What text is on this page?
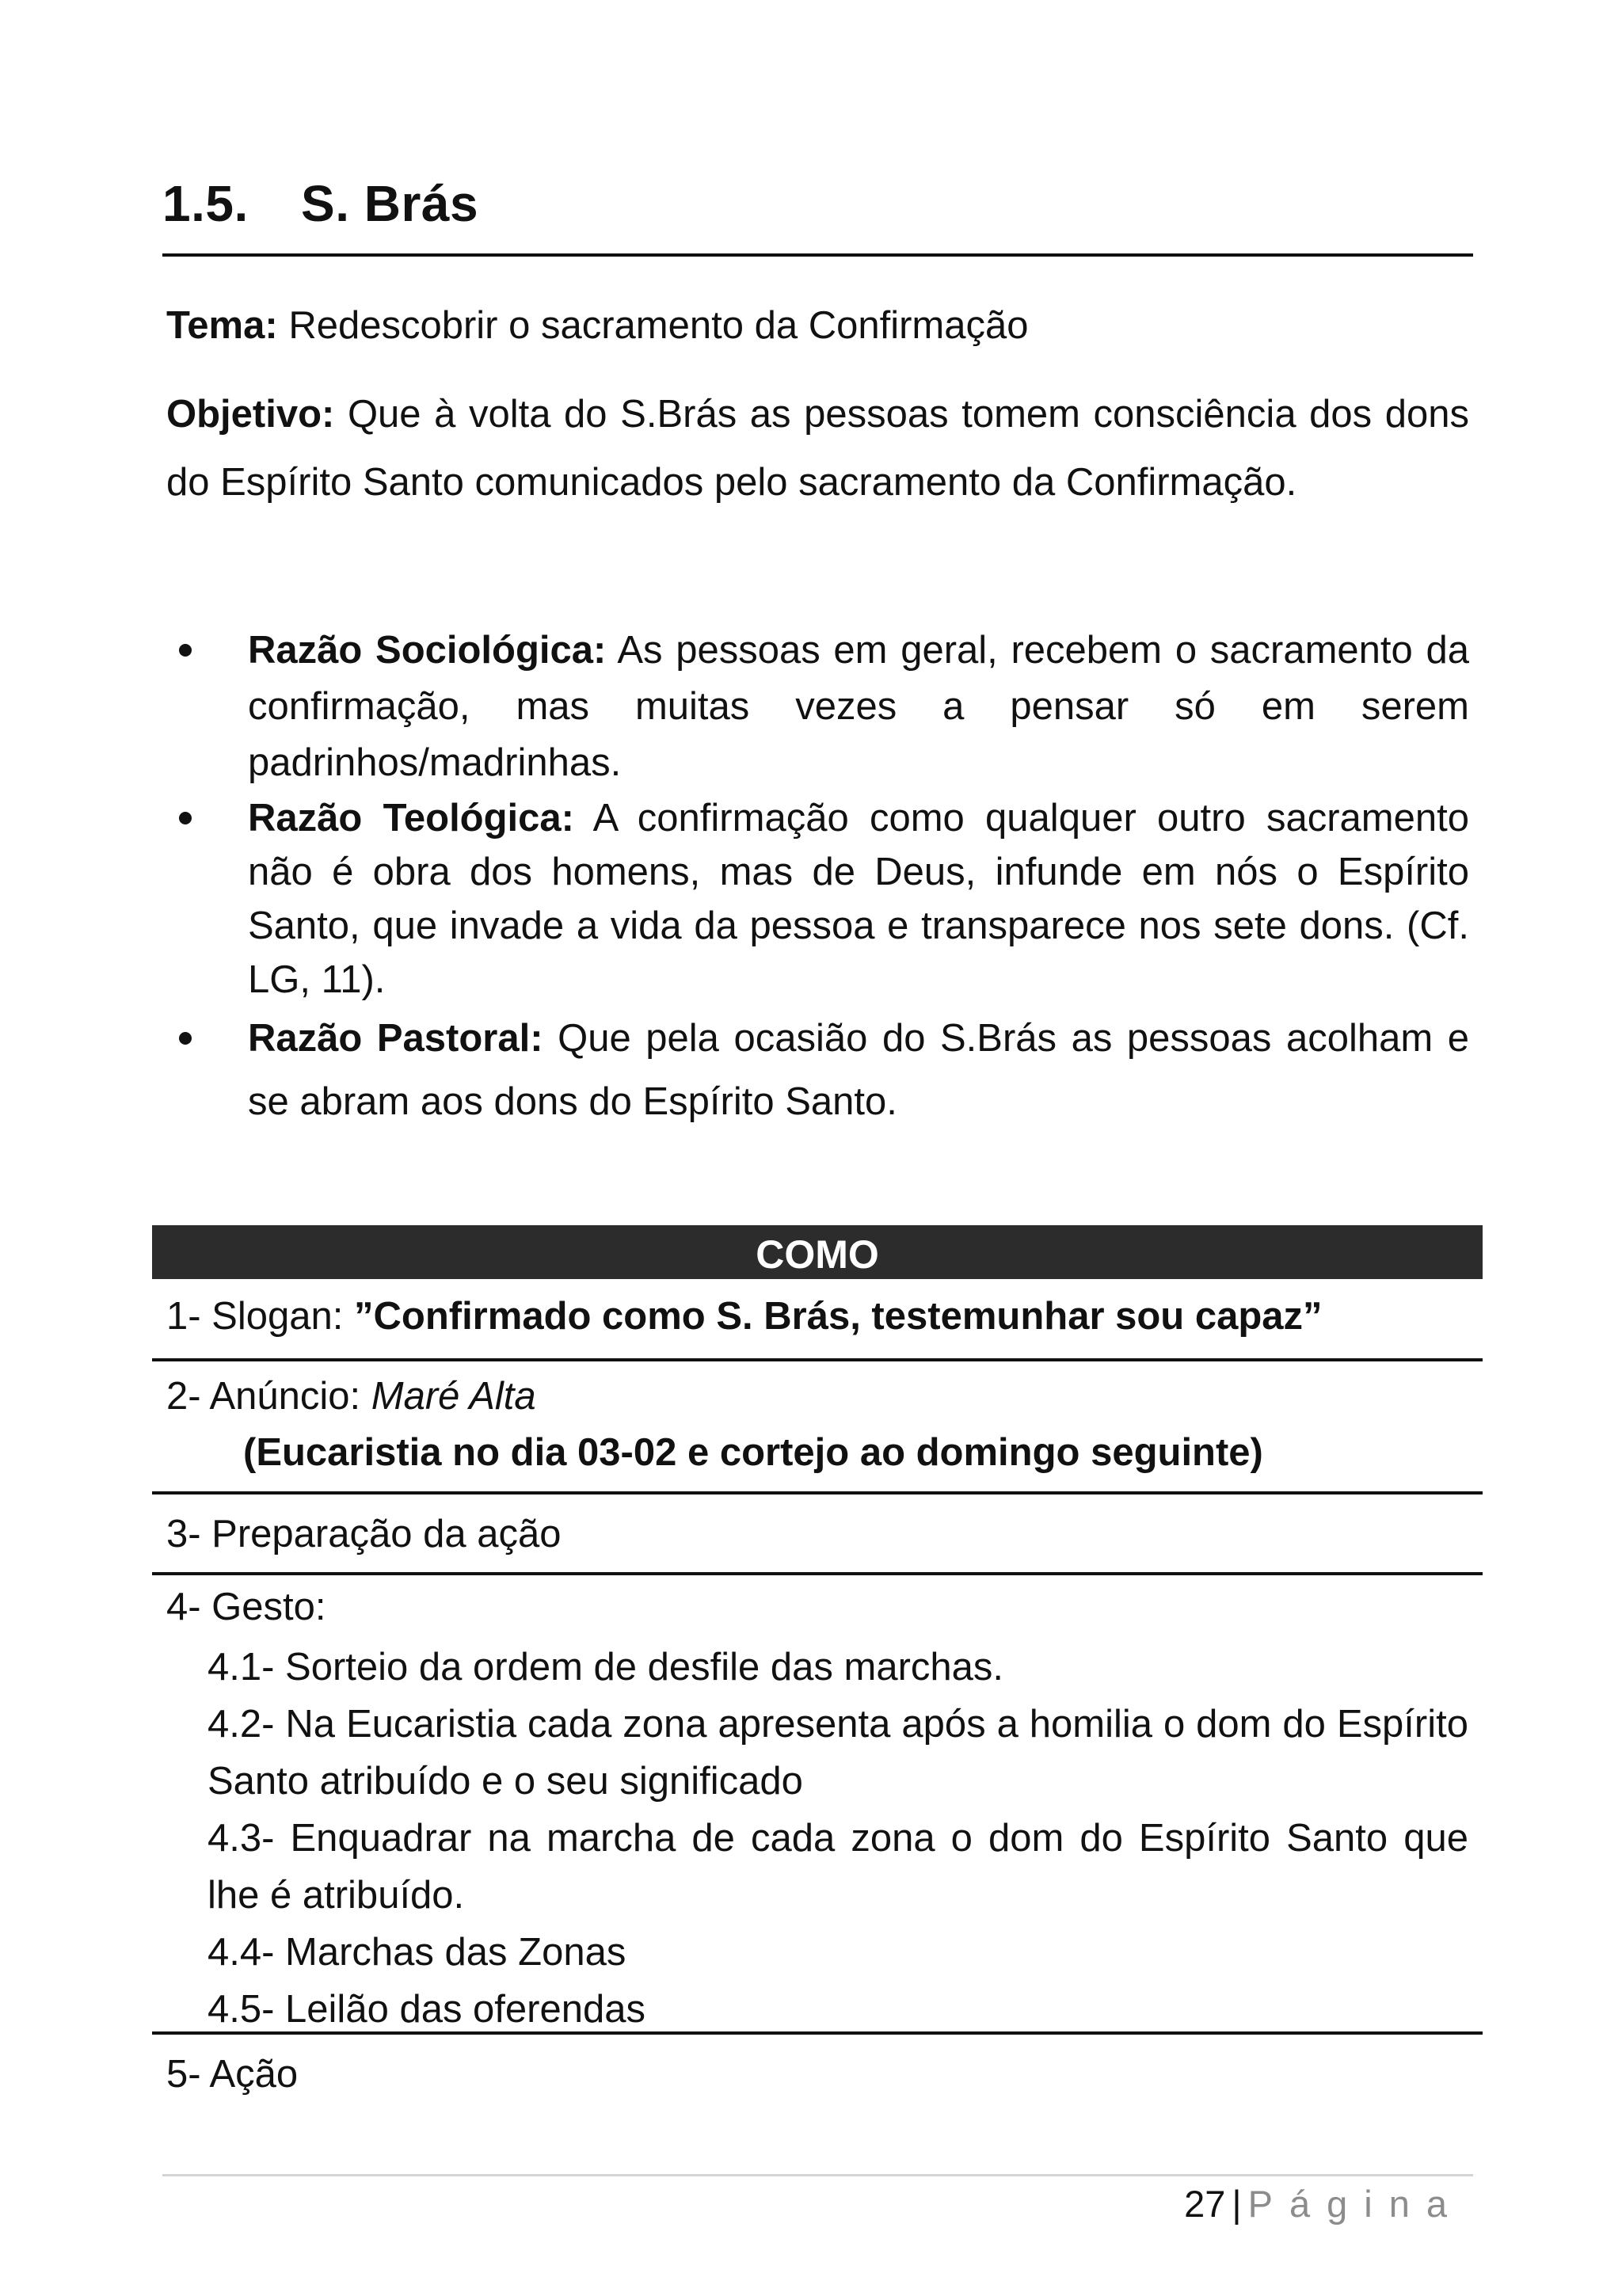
1.5. S. Brás
Tema: Redescobrir o sacramento da Confirmação
Objetivo: Que à volta do S.Brás as pessoas tomem consciência dos dons do Espírito Santo comunicados pelo sacramento da Confirmação.
Razão Sociológica: As pessoas em geral, recebem o sacramento da confirmação, mas muitas vezes a pensar só em serem padrinhos/madrinhas.
Razão Teológica: A confirmação como qualquer outro sacramento não é obra dos homens, mas de Deus, infunde em nós o Espírito Santo, que invade a vida da pessoa e transparece nos sete dons. (Cf. LG, 11).
Razão Pastoral: Que pela ocasião do S.Brás as pessoas acolham e se abram aos dons do Espírito Santo.
COMO
1- Slogan: ”Confirmado como S. Brás, testemunhar sou capaz”
2- Anúncio: Maré Alta
(Eucaristia no dia 03-02 e cortejo ao domingo seguinte)
3- Preparação da ação
4- Gesto:
4.1- Sorteio da ordem de desfile das marchas.
4.2- Na Eucaristia cada zona apresenta após a homilia o dom do Espírito Santo atribuído e o seu significado
4.3- Enquadrar na marcha de cada zona o dom do Espírito Santo que lhe é atribuído.
4.4- Marchas das Zonas
4.5- Leilão das oferendas
5- Ação
27 | Página
